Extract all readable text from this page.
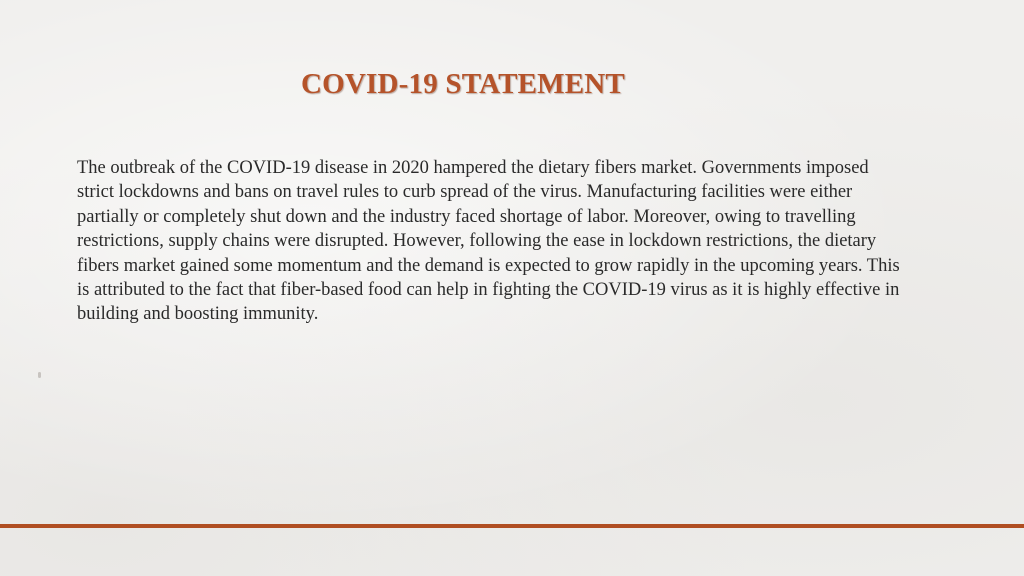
COVID-19 STATEMENT

The outbreak of the COVID-19 disease in 2020 hampered the dietary fibers market. Governments imposed strict lockdowns and bans on travel rules to curb spread of the virus. Manufacturing facilities were either partially or completely shut down and the industry faced shortage of labor. Moreover, owing to travelling restrictions, supply chains were disrupted. However, following the ease in lockdown restrictions, the dietary fibers market gained some momentum and the demand is expected to grow rapidly in the upcoming years. This is attributed to the fact that fiber-based food can help in fighting the COVID-19 virus as it is highly effective in building and boosting immunity.
